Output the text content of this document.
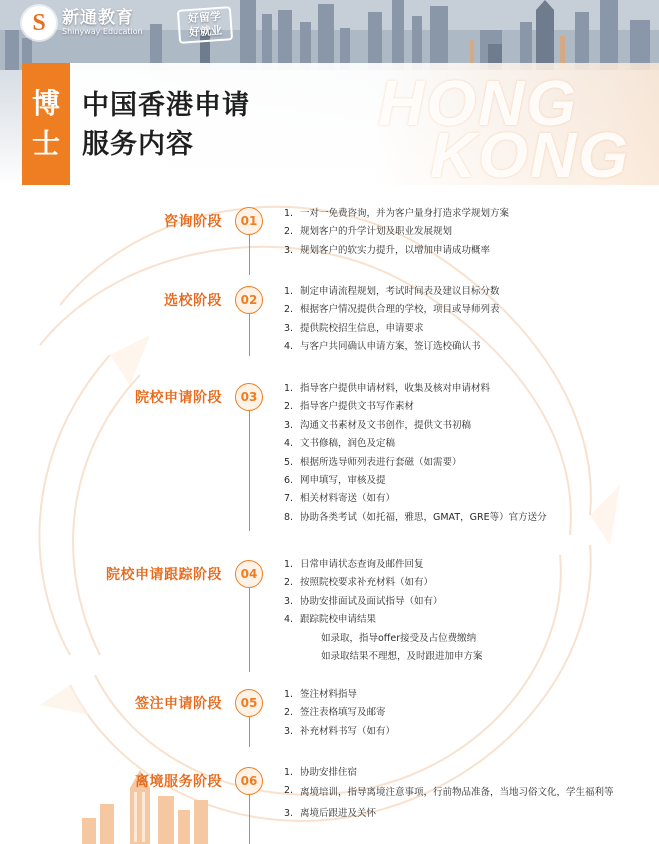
S 新通教育
Shinyway Education
好留学
好就业
HONG
KONG
博
士
中国香港申请
服务内容
咨询阶段	01
1. 一对一免费咨询，并为客户量身打造求学规划方案
2. 规划客户的升学计划及职业发展规划
3. 规划客户的软实力提升，以增加申请成功概率
选校阶段	02
1. 制定申请流程规划，考试时间表及建议目标分数
2. 根据客户情况提供合理的学校，项目或导师列表
3. 提供院校招生信息，申请要求
4. 与客户共同确认申请方案，签订选校确认书
院校申请阶段	03
1. 指导客户提供申请材料，收集及核对申请材料
2. 指导客户提供文书写作素材
3. 沟通文书素材及文书创作，提供文书初稿
4. 文书修稿，润色及定稿
5. 根据所选导师列表进行套磁（如需要）
6. 网申填写，审核及提
7. 相关材料寄送（如有）
8. 协助各类考试（如托福，雅思，GMAT，GRE等）官方送分
院校申请跟踪阶段	04
1. 日常申请状态查询及邮件回复
2. 按照院校要求补充材料（如有）
3. 协助安排面试及面试指导（如有）
4. 跟踪院校申请结果
如录取，指导offer接受及占位费缴纳
如录取结果不理想，及时跟进加申方案
签注申请阶段	05
1. 签注材料指导
2. 签注表格填写及邮寄
3. 补充材料书写（如有）
离境服务阶段	06
1. 协助安排住宿
2. 离境培训，指导离境注意事项，行前物品准备，当地习俗文化，学生福利等
3. 离境后跟进及关怀
